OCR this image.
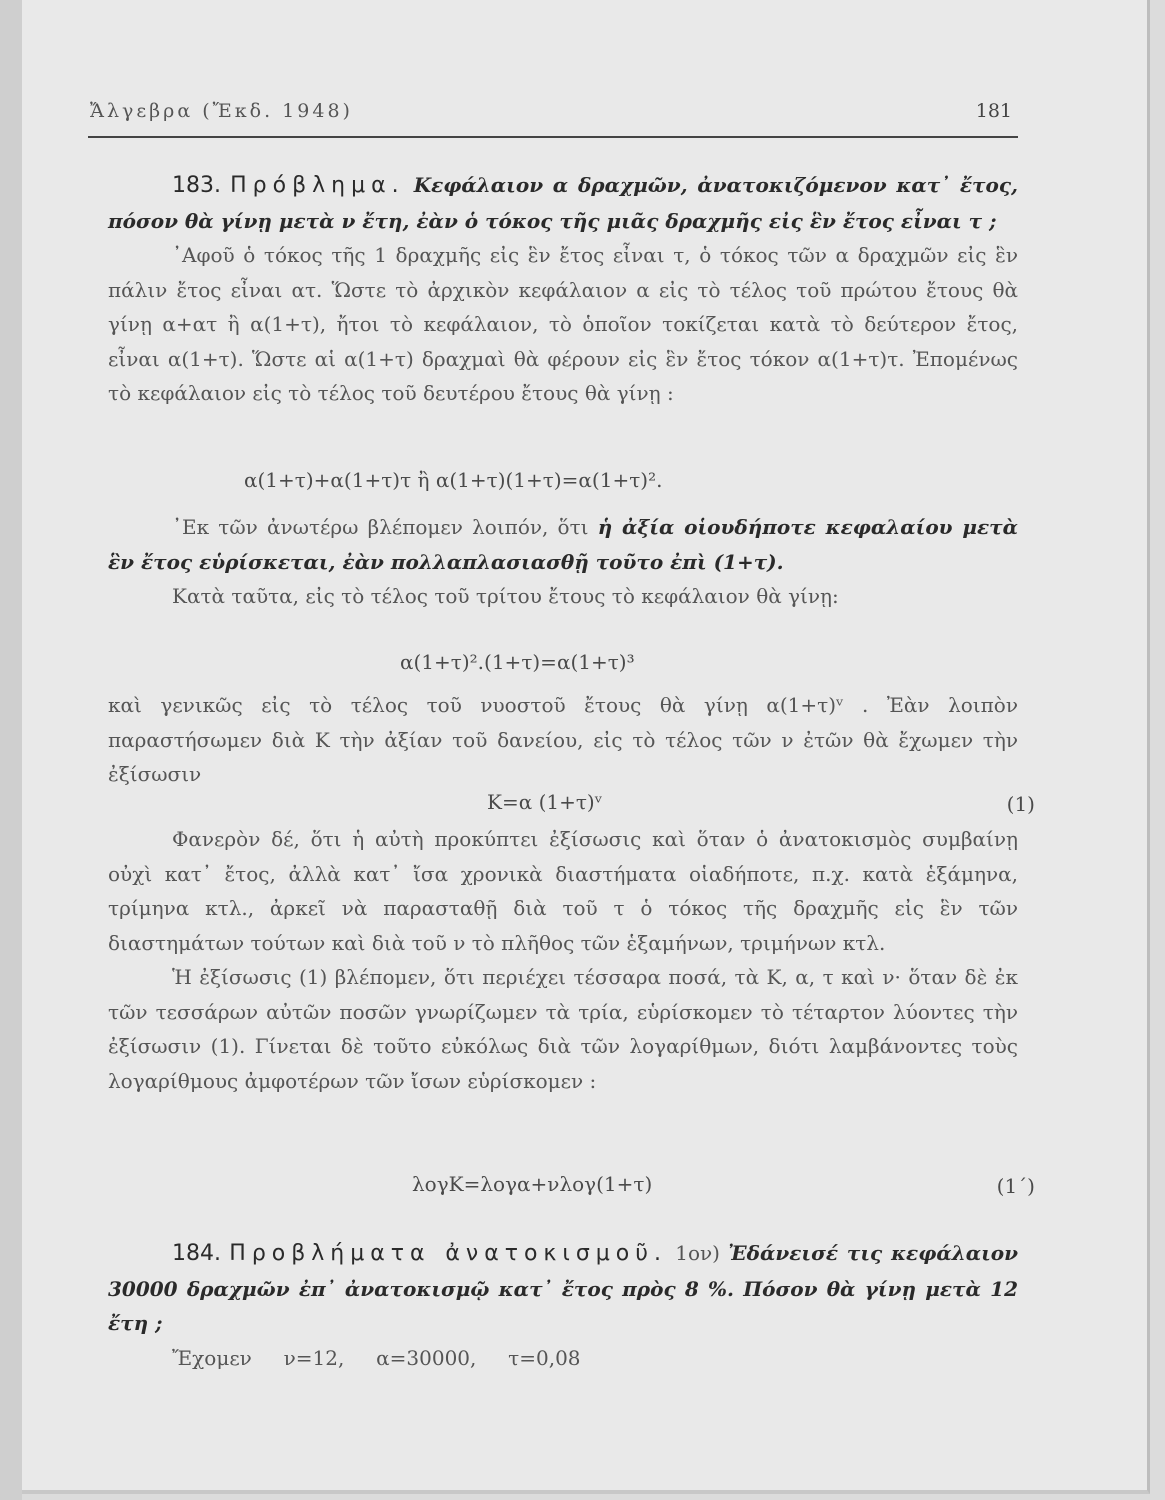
Ἄλγεβρα (Ἔκδ. 1948)	181

183. Πρόβλημα. Κεφάλαιον α δραχμῶν, ἀνατοκιζόμενον κατ᾿ ἔτος, πόσον θὰ γίνῃ μετὰ ν ἔτη, ἐὰν ὁ τόκος τῆς μιᾶς δραχμῆς εἰς ἓν ἔτος εἶναι τ ;

᾿Αφοῦ ὁ τόκος τῆς 1 δραχμῆς εἰς ἓν ἔτος εἶναι τ, ὁ τόκος τῶν α δραχμῶν εἰς ἓν πάλιν ἔτος εἶναι ατ. Ὥστε τὸ ἀρχικὸν κεφάλαιον α εἰς τὸ τέλος τοῦ πρώτου ἔτους θὰ γίνῃ α+ατ ἢ α(1+τ), ἤτοι τὸ κεφάλαιον, τὸ ὁποῖον τοκίζεται κατὰ τὸ δεύτερον ἔτος, εἶναι α(1+τ). Ὥστε αἱ α(1+τ) δραχμαὶ θὰ φέρουν εἰς ἓν ἔτος τόκον α(1+τ)τ. Ἐπομένως τὸ κεφάλαιον εἰς τὸ τέλος τοῦ δευτέρου ἔτους θὰ γίνῃ :

α(1+τ)+α(1+τ)τ ἢ α(1+τ)(1+τ)=α(1+τ)².

᾿Εκ τῶν ἀνωτέρω βλέπομεν λοιπόν, ὅτι ἡ ἀξία οἱουδήποτε κεφαλαίου μετὰ ἓν ἔτος εὑρίσκεται, ἐὰν πολλαπλασιασθῇ τοῦτο ἐπὶ (1+τ).

Κατὰ ταῦτα, εἰς τὸ τέλος τοῦ τρίτου ἔτους τὸ κεφάλαιον θὰ γίνῃ:

α(1+τ)².(1+τ)=α(1+τ)³

καὶ γενικῶς εἰς τὸ τέλος τοῦ νυοστοῦ ἔτους θὰ γίνῃ α(1+τ)ᵛ . Ἐὰν λοιπὸν παραστήσωμεν διὰ Κ τὴν ἀξίαν τοῦ δανείου, εἰς τὸ τέλος τῶν ν ἐτῶν θὰ ἔχωμεν τὴν ἐξίσωσιν

Κ=α (1+τ)ᵛ	(1)

Φανερὸν δέ, ὅτι ἡ αὐτὴ προκύπτει ἐξίσωσις καὶ ὅταν ὁ ἀνατοκισμὸς συμβαίνῃ οὐχὶ κατ᾿ ἔτος, ἀλλὰ κατ᾿ ἴσα χρονικὰ διαστήματα οἱαδήποτε, π.χ. κατὰ ἑξάμηνα, τρίμηνα κτλ., ἀρκεῖ νὰ παρασταθῇ διὰ τοῦ τ ὁ τόκος τῆς δραχμῆς εἰς ἓν τῶν διαστημάτων τούτων καὶ διὰ τοῦ ν τὸ πλῆθος τῶν ἑξαμήνων, τριμήνων κτλ.

Ἡ ἐξίσωσις (1) βλέπομεν, ὅτι περιέχει τέσσαρα ποσά, τὰ Κ, α, τ καὶ ν· ὅταν δὲ ἐκ τῶν τεσσάρων αὐτῶν ποσῶν γνωρίζωμεν τὰ τρία, εὑρίσκομεν τὸ τέταρτον λύοντες τὴν ἐξίσωσιν (1). Γίνεται δὲ τοῦτο εὐκόλως διὰ τῶν λογαρίθμων, διότι λαμβάνοντες τοὺς λογαρίθμους ἀμφοτέρων τῶν ἴσων εὑρίσκομεν :

λογΚ=λογα+νλογ(1+τ)	(1΄)

184. Προβλήματα ἀνατοκισμοῦ. 1ον) Ἐδάνεισέ τις κεφάλαιον 30000 δραχμῶν ἐπ᾿ ἀνατοκισμῷ κατ᾿ ἔτος πρὸς 8 %. Πόσον θὰ γίνῃ μετὰ 12 ἔτη ;

Ἔχομεν     ν=12,     α=30000,     τ=0,08
